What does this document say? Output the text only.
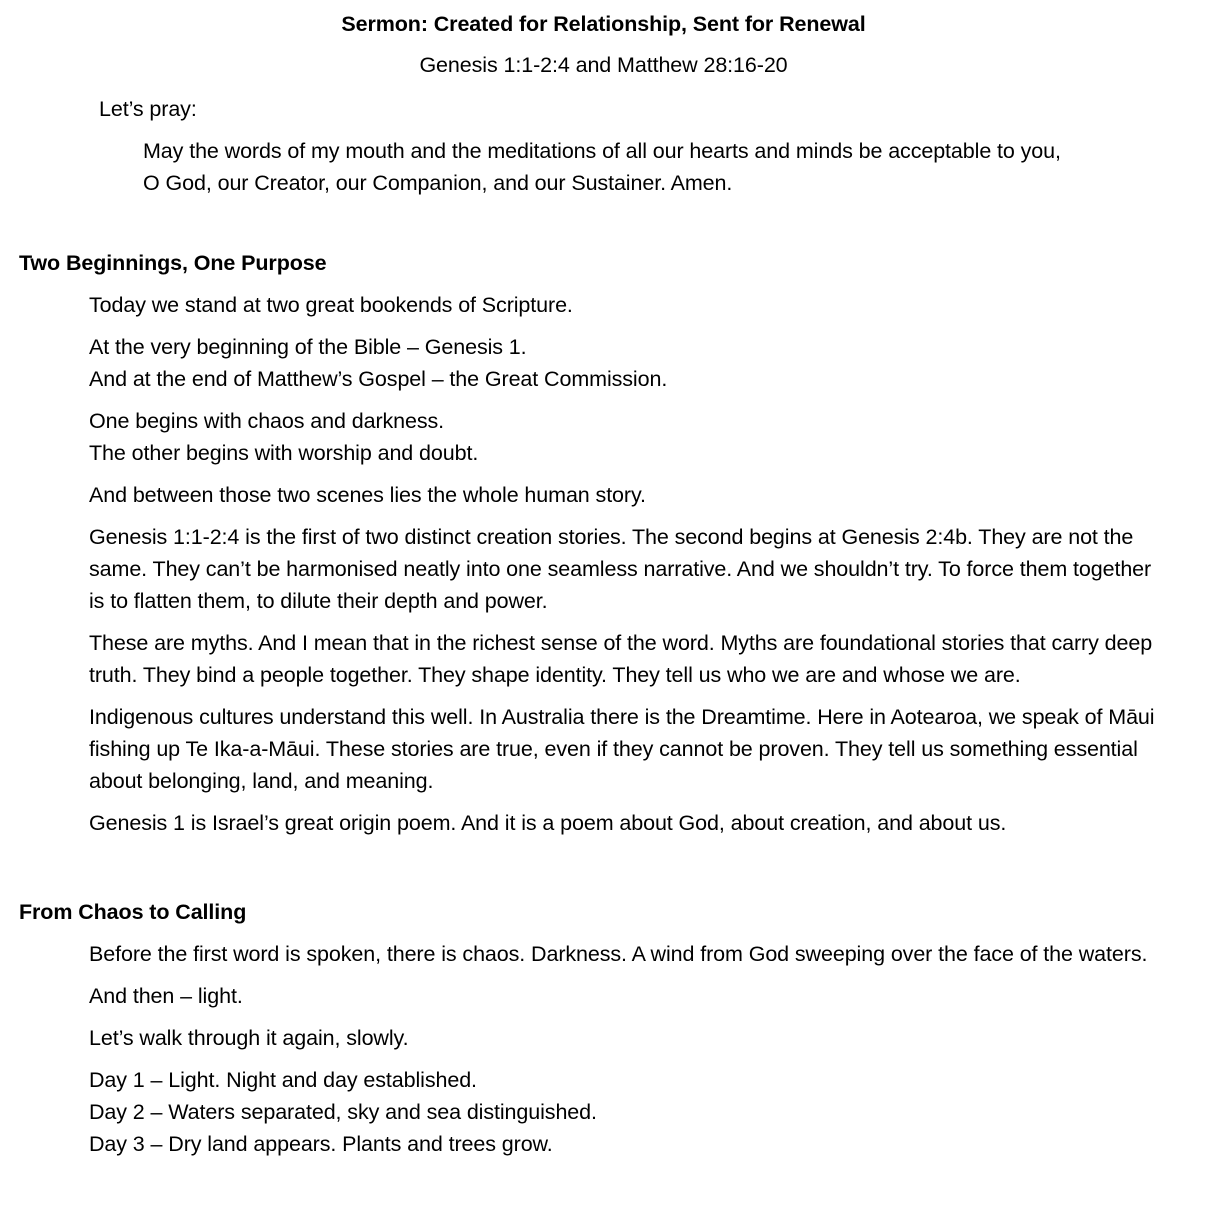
Sermon: Created for Relationship, Sent for Renewal

Genesis 1:1-2:4 and Matthew 28:16-20

Let’s pray:

May the words of my mouth and the meditations of all our hearts and minds be acceptable to you,
O God, our Creator, our Companion, and our Sustainer. Amen.
Two Beginnings, One Purpose

Today we stand at two great bookends of Scripture.

At the very beginning of the Bible – Genesis 1.
And at the end of Matthew’s Gospel – the Great Commission.
One begins with chaos and darkness.
The other begins with worship and doubt.

And between those two scenes lies the whole human story.

Genesis 1:1-2:4 is the first of two distinct creation stories. The second begins at Genesis 2:4b. They are not the same. They can’t be harmonised neatly into one seamless narrative. And we shouldn’t try. To force them together is to flatten them, to dilute their depth and power.

These are myths. And I mean that in the richest sense of the word. Myths are foundational stories that carry deep truth. They bind a people together. They shape identity. They tell us who we are and whose we are.

Indigenous cultures understand this well. In Australia there is the Dreamtime. Here in Aotearoa, we speak of Māui fishing up Te Ika-a-Māui. These stories are true, even if they cannot be proven. They tell us something essential about belonging, land, and meaning.

Genesis 1 is Israel’s great origin poem. And it is a poem about God, about creation, and about us.

From Chaos to Calling

Before the first word is spoken, there is chaos. Darkness. A wind from God sweeping over the face of the waters.

And then – light.

Let’s walk through it again, slowly.

Day 1 – Light. Night and day established.
Day 2 – Waters separated, sky and sea distinguished.
Day 3 – Dry land appears. Plants and trees grow.
